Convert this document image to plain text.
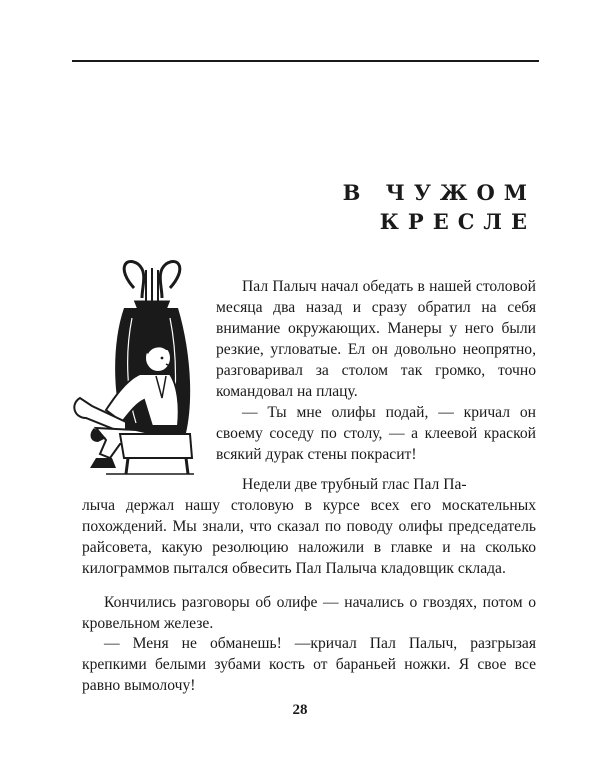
В ЧУЖОМ
КРЕСЛЕ

Пал Палыч начал обедать в нашей столовой месяца два назад и сразу обратил на себя внимание окружающих. Манеры у него были резкие, угловатые. Ел он довольно неопрятно, разговаривал за столом так громко, точно командовал на плацу.

— Ты мне олифы подай, — кричал он своему соседу по столу, — а клеевой краской всякий дурак стены покрасит!

Недели две трубный глас Пал Па-

лыча держал нашу столовую в курсе всех его москательных похождений. Мы знали, что сказал по поводу олифы председатель райсовета, какую резолюцию наложили в главке и на сколько килограммов пытался обвесить Пал Палыча кладовщик склада.

Кончились разговоры об олифе — начались о гвоздях, потом о кровельном железе.

— Меня не обманешь! —кричал Пал Палыч, разгрызая крепкими белыми зубами кость от бараньей ножки. Я свое все равно вымолочу!

28
